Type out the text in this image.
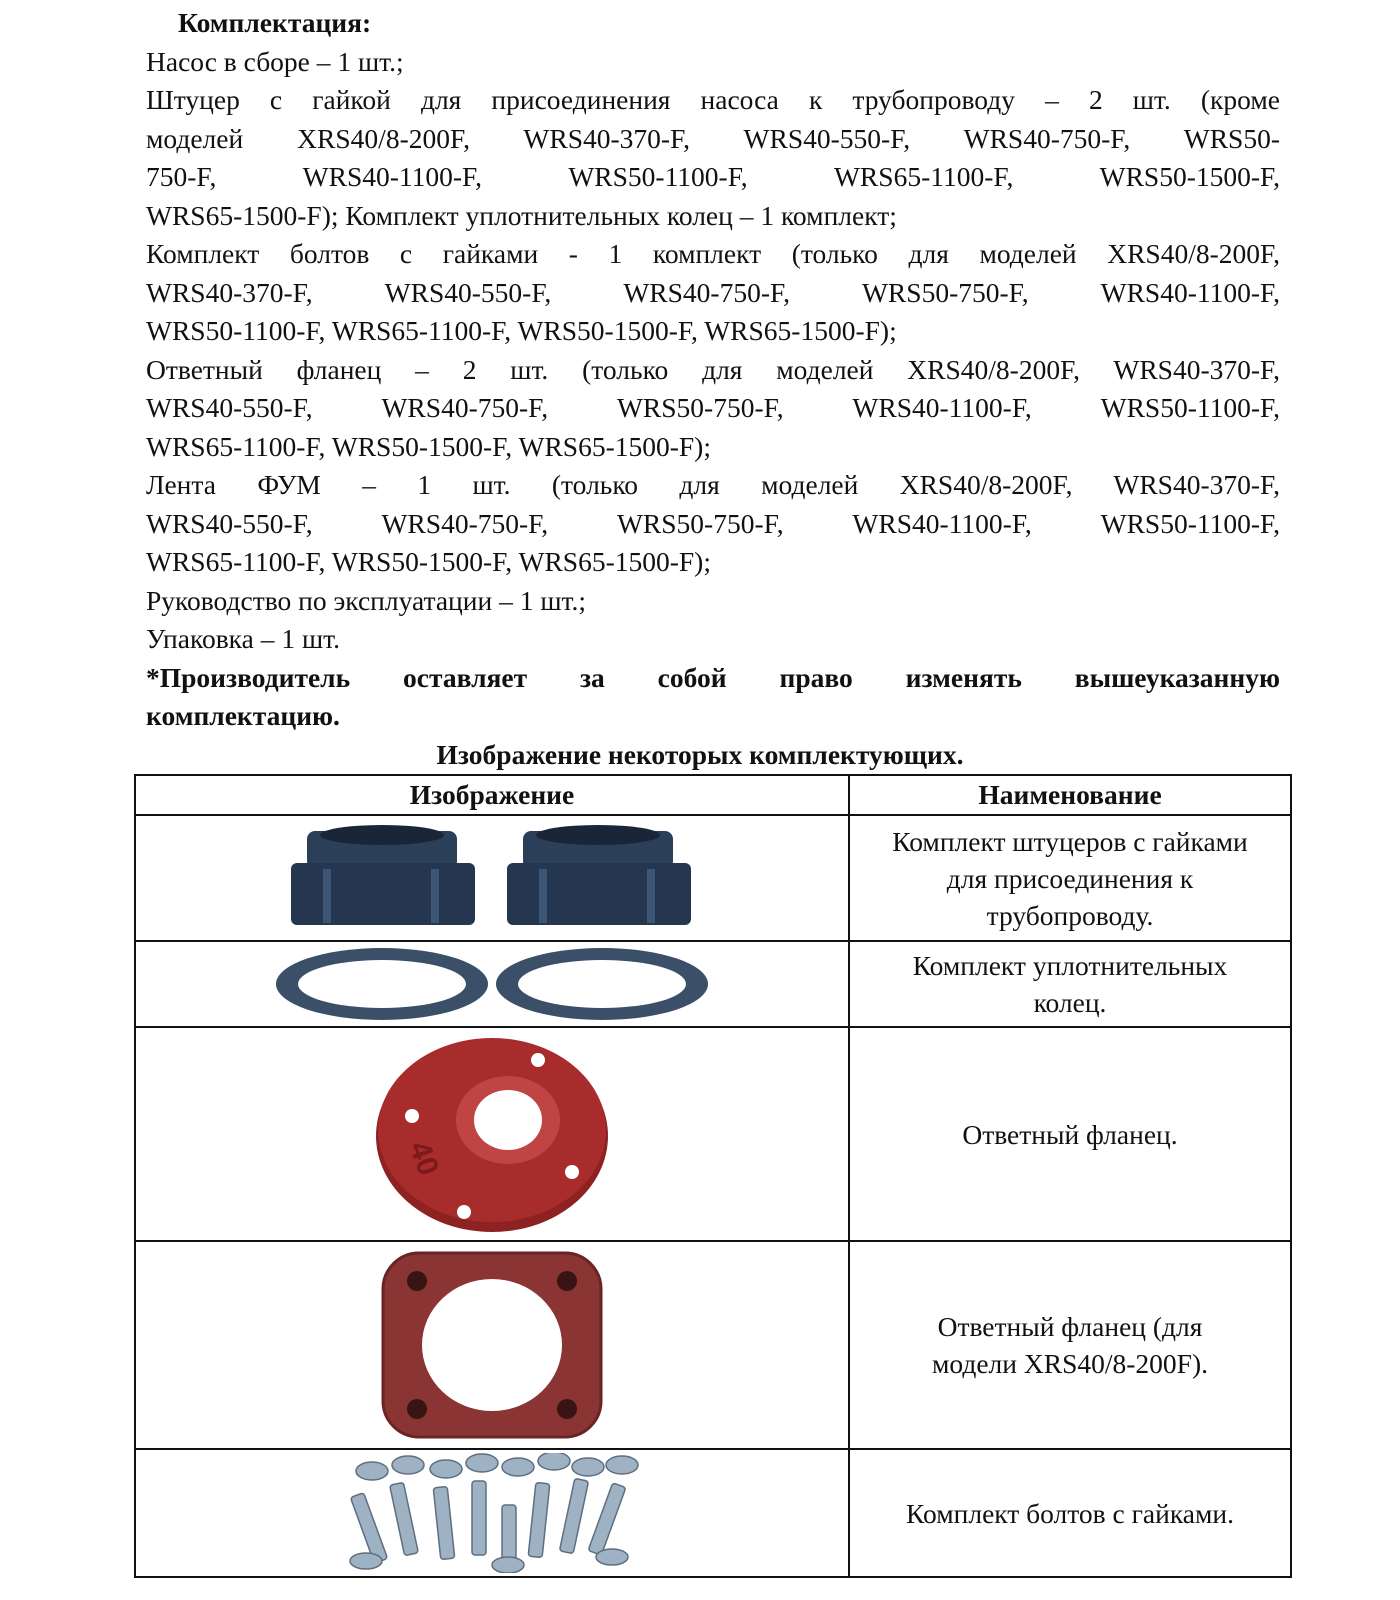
Комплектация:
Насос в сборе – 1 шт.;
Штуцер с гайкой для присоединения насоса к трубопроводу – 2 шт. (кроме
моделей XRS40/8-200F, WRS40-370-F, WRS40-550-F, WRS40-750-F, WRS50-
750-F, WRS40-1100-F, WRS50-1100-F, WRS65-1100-F, WRS50-1500-F,
WRS65-1500-F); Комплект уплотнительных колец – 1 комплект;
Комплект болтов с гайками - 1 комплект (только для моделей XRS40/8-200F,
WRS40-370-F, WRS40-550-F, WRS40-750-F, WRS50-750-F, WRS40-1100-F,
WRS50-1100-F, WRS65-1100-F, WRS50-1500-F, WRS65-1500-F);
Ответный фланец – 2 шт. (только для моделей XRS40/8-200F, WRS40-370-F,
WRS40-550-F, WRS40-750-F, WRS50-750-F, WRS40-1100-F, WRS50-1100-F,
WRS65-1100-F, WRS50-1500-F, WRS65-1500-F);
Лента ФУМ – 1 шт. (только для моделей XRS40/8-200F, WRS40-370-F,
WRS40-550-F, WRS40-750-F, WRS50-750-F, WRS40-1100-F, WRS50-1100-F,
WRS65-1100-F, WRS50-1500-F, WRS65-1500-F);
Руководство по эксплуатации – 1 шт.;
Упаковка – 1 шт.
*Производитель оставляет за собой право изменять вышеуказанную
комплектацию.
Изображение некоторых комплектующих.
Изображение	Наименование

Комплект штуцеров с гайками
для присоединения к
трубопроводу.

Комплект уплотнительных
колец.

40	Ответный фланец.

Ответный фланец (для
модели XRS40/8-200F).

Комплект болтов с гайками.
